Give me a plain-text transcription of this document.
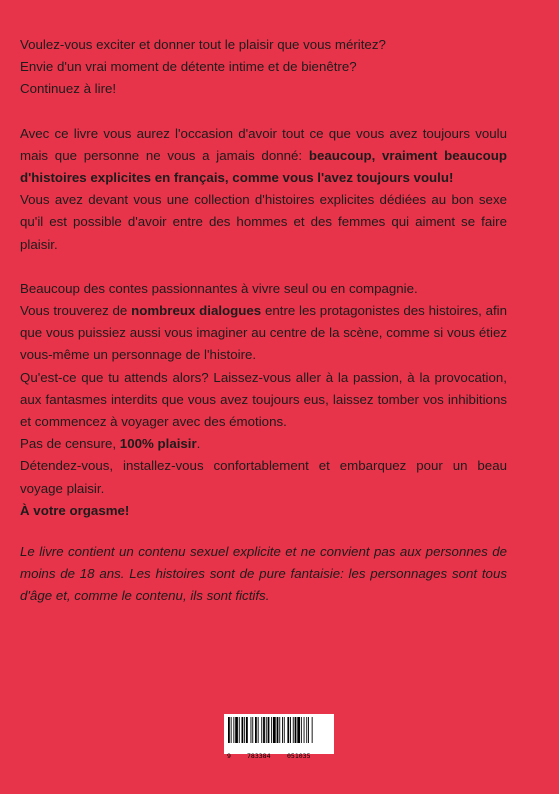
Voulez-vous exciter et donner tout le plaisir que vous méritez?

Envie d'un vrai moment de détente intime et de bienêtre?

Continuez à lire!

Avec ce livre vous aurez l'occasion d'avoir tout ce que vous avez toujours voulu mais que personne ne vous a jamais donné: beaucoup, vraiment beaucoup d'histoires explicites en français, comme vous l'avez toujours voulu!

Vous avez devant vous une collection d'histoires explicites dédiées au bon sexe qu'il est possible d'avoir entre des hommes et des femmes qui aiment se faire plaisir.

Beaucoup des contes passionnantes à vivre seul ou en compagnie.

Vous trouverez de nombreux dialogues entre les protagonistes des histoires, afin que vous puissiez aussi vous imaginer au centre de la scène, comme si vous étiez vous-même un personnage de l'histoire.

Qu'est-ce que tu attends alors? Laissez-vous aller à la passion, à la provocation, aux fantasmes interdits que vous avez toujours eus, laissez tomber vos inhibitions et commencez à voyager avec des émotions.

Pas de censure, 100% plaisir.

Détendez-vous, installez-vous confortablement et embarquez pour un beau voyage plaisir.

À votre orgasme!

Le livre contient un contenu sexuel explicite et ne convient pas aux personnes de moins de 18 ans. Les histoires sont de pure fantaisie: les personnages sont tous d'âge et, comme le contenu, ils sont fictifs.

9 783384	051035
